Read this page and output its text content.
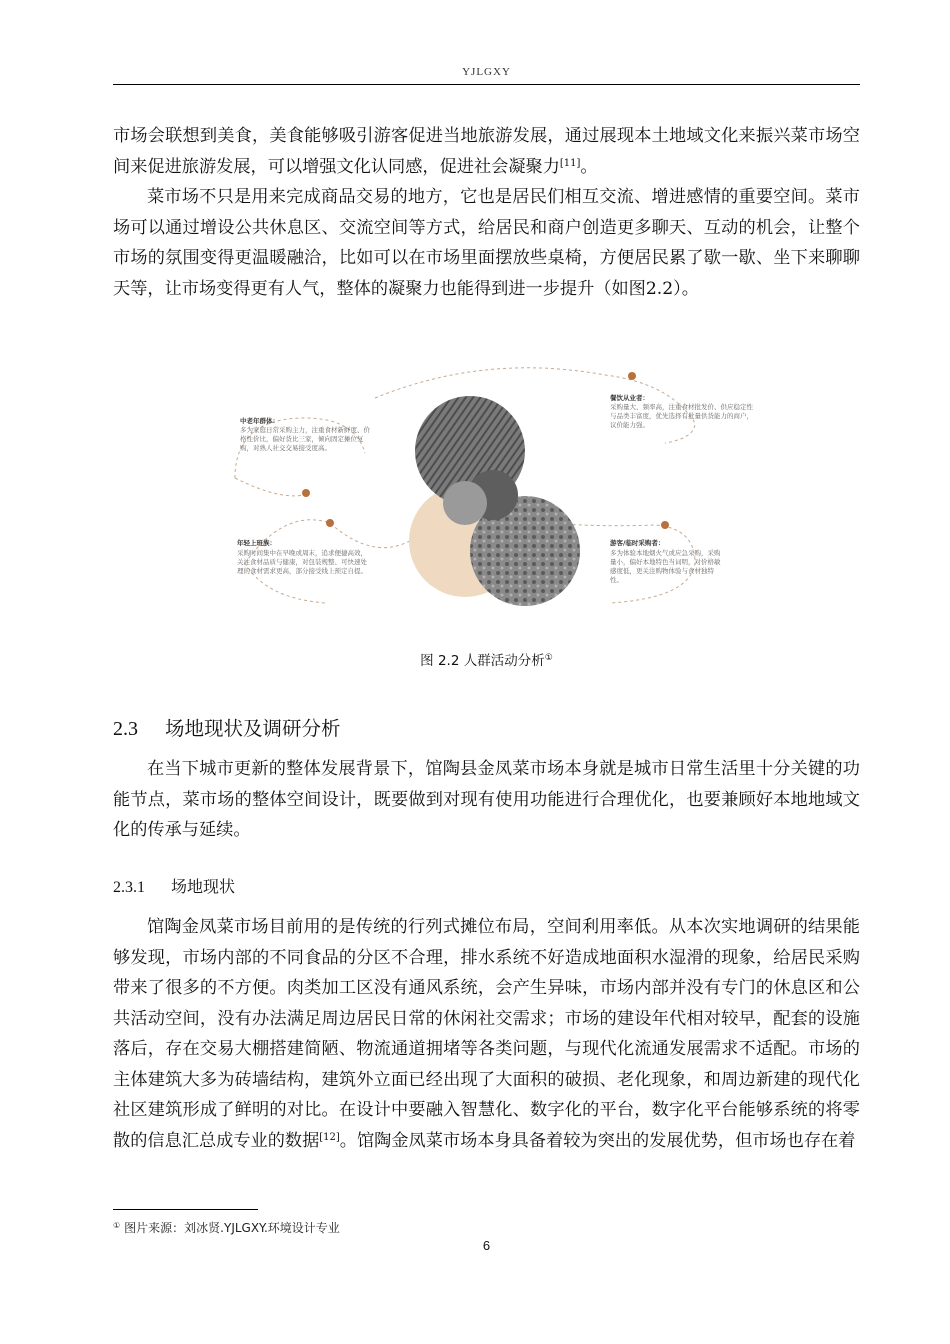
YJLGXY

市场会联想到美食，美食能够吸引游客促进当地旅游发展，通过展现本土地域文化来振兴菜市场空间来促进旅游发展，可以增强文化认同感，促进社会凝聚力[11]。

菜市场不只是用来完成商品交易的地方，它也是居民们相互交流、增进感情的重要空间。菜市场可以通过增设公共休息区、交流空间等方式，给居民和商户创造更多聊天、互动的机会，让整个市场的氛围变得更温暖融洽，比如可以在市场里面摆放些桌椅，方便居民累了歇一歇、坐下来聊聊天等，让市场变得更有人气，整体的凝聚力也能得到进一步提升（如图2.2）。

中老年群体：
多为家庭日常采购主力，注重食材新鲜度、价格性价比，偏好货比三家，倾向固定摊位复购，对熟人社交交易接受度高。
餐饮从业者：
采购量大、频率高，注重食材批发价、供应稳定性与品类丰富度，优先选择有批量供货能力的商户，议价能力强。
年轻上班族：
采购时间集中在早晚或周末，追求便捷高效，关注食材品质与健康，对包装规整、可快速处理的食材需求更高，部分接受线上预定自提。
游客/临时采购者：
多为体验本地烟火气或应急采购，采购量小，偏好本地特色当词明，对价格敏感度低，更关注购物体验与食材独特性。
图 2.2 人群活动分析①
2.3 场地现状及调研分析

在当下城市更新的整体发展背景下，馆陶县金凤菜市场本身就是城市日常生活里十分关键的功能节点，菜市场的整体空间设计，既要做到对现有使用功能进行合理优化，也要兼顾好本地地域文化的传承与延续。

2.3.1 场地现状

馆陶金凤菜市场目前用的是传统的行列式摊位布局，空间利用率低。从本次实地调研的结果能够发现，市场内部的不同食品的分区不合理，排水系统不好造成地面积水湿滑的现象，给居民采购带来了很多的不方便。肉类加工区没有通风系统，会产生异味，市场内部并没有专门的休息区和公共活动空间，没有办法满足周边居民日常的休闲社交需求；市场的建设年代相对较早，配套的设施落后，存在交易大棚搭建简陋、物流通道拥堵等各类问题，与现代化流通发展需求不适配。市场的主体建筑大多为砖墙结构，建筑外立面已经出现了大面积的破损、老化现象，和周边新建的现代化社区建筑形成了鲜明的对比。在设计中要融入智慧化、数字化的平台，数字化平台能够系统的将零散的信息汇总成专业的数据[12]。馆陶金凤菜市场本身具备着较为突出的发展优势，但市场也存在着

① 图片来源：刘冰贤.YJLGXY.环境设计专业
6
